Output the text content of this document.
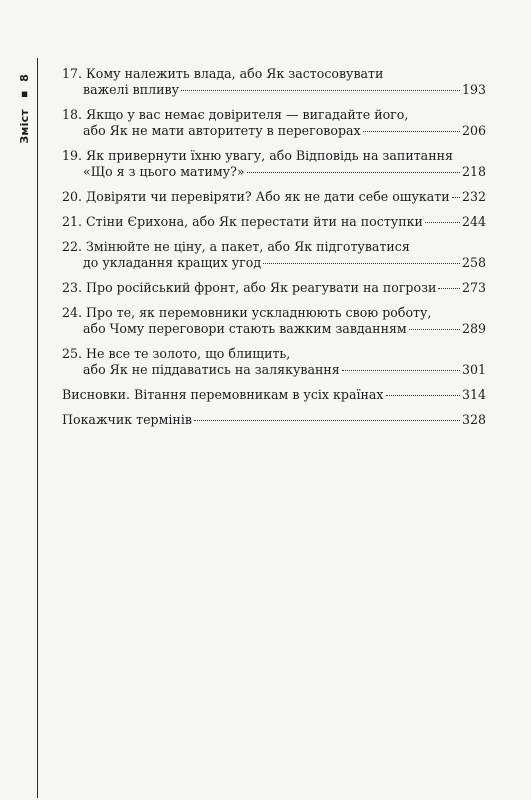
Зміст ▪ 8 17. Кому належить влада, або Як застосовувати
важелі впливу	193
18. Якщо у вас немає довірителя — вигадайте його,
або Як не мати авторитету в переговорах	206
19. Як привернути їхню увагу, або Відповідь на запитання
«Що я з цього матиму?»	218
20. Довіряти чи перевіряти? Або як не дати себе ошукати 232
21. Стіни Єрихона, або Як перестати йти на поступки	244
22. Змінюйте не ціну, а пакет, або Як підготуватися
до укладання кращих угод	258
23. Про російський фронт, або Як реагувати на погрози 273
24. Про те, як перемовники ускладнюють свою роботу,
або Чому переговори стають важким завданням	289
25. Не все те золото, що блищить,
або Як не піддаватись на залякування	301
Висновки. Вітання перемовникам в усіх країнах	314
Покажчик термінів	328
